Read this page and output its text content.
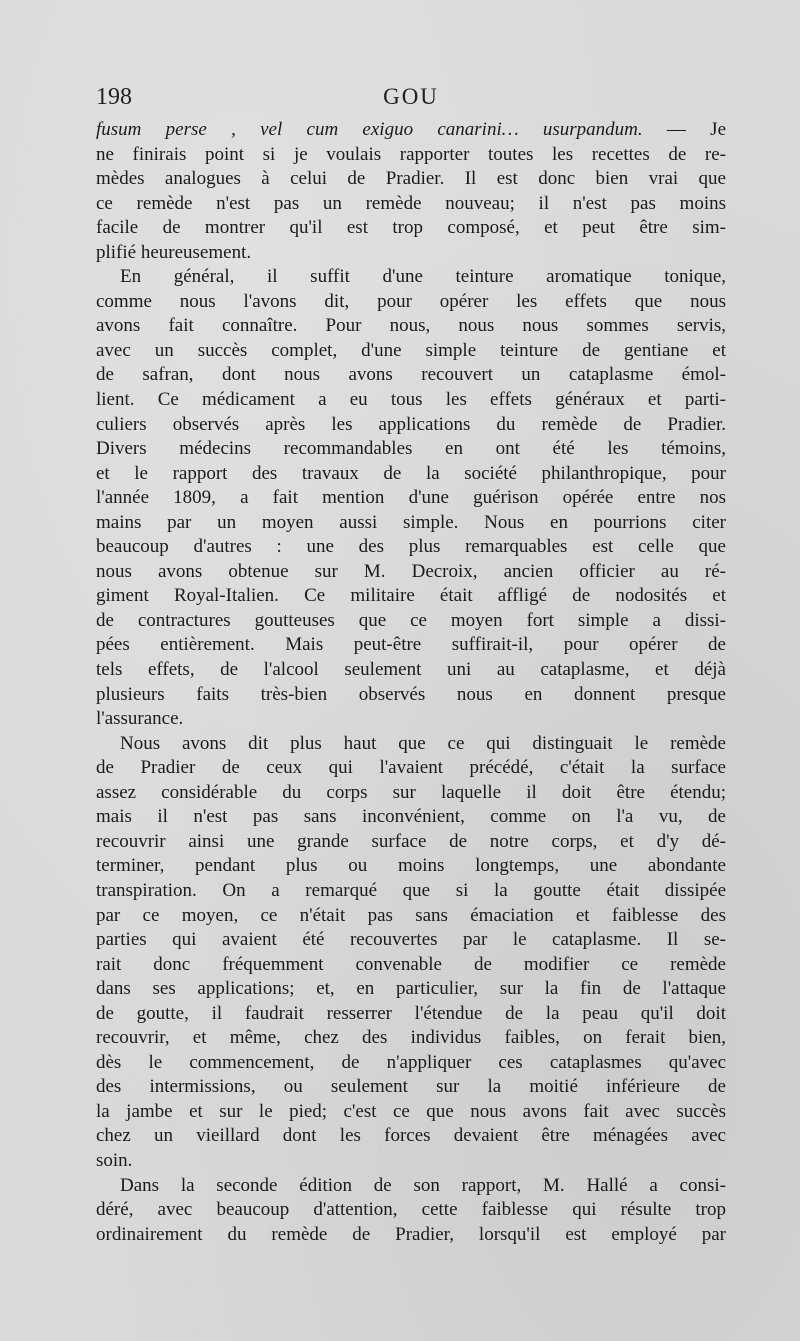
198	GOU
fusum perse , vel cum exiguo canarini… usurpandum. — Je
ne finirais point si je voulais rapporter toutes les recettes de re-
mèdes analogues à celui de Pradier. Il est donc bien vrai que
ce remède n'est pas un remède nouveau; il n'est pas moins
facile de montrer qu'il est trop composé, et peut être sim-
plifié heureusement.
En général, il suffit d'une teinture aromatique tonique,
comme nous l'avons dit, pour opérer les effets que nous
avons fait connaître. Pour nous, nous nous sommes servis,
avec un succès complet, d'une simple teinture de gentiane et
de safran, dont nous avons recouvert un cataplasme émol-
lient. Ce médicament a eu tous les effets généraux et parti-
culiers observés après les applications du remède de Pradier.
Divers médecins recommandables en ont été les témoins,
et le rapport des travaux de la société philanthropique, pour
l'année 1809, a fait mention d'une guérison opérée entre nos
mains par un moyen aussi simple. Nous en pourrions citer
beaucoup d'autres : une des plus remarquables est celle que
nous avons obtenue sur M. Decroix, ancien officier au ré-
giment Royal-Italien. Ce militaire était affligé de nodosités et
de contractures goutteuses que ce moyen fort simple a dissi-
pées entièrement. Mais peut-être suffirait-il, pour opérer de
tels effets, de l'alcool seulement uni au cataplasme, et déjà
plusieurs faits très-bien observés nous en donnent presque
l'assurance.
Nous avons dit plus haut que ce qui distinguait le remède
de Pradier de ceux qui l'avaient précédé, c'était la surface
assez considérable du corps sur laquelle il doit être étendu;
mais il n'est pas sans inconvénient, comme on l'a vu, de
recouvrir ainsi une grande surface de notre corps, et d'y dé-
terminer, pendant plus ou moins longtemps, une abondante
transpiration. On a remarqué que si la goutte était dissipée
par ce moyen, ce n'était pas sans émaciation et faiblesse des
parties qui avaient été recouvertes par le cataplasme. Il se-
rait donc fréquemment convenable de modifier ce remède
dans ses applications; et, en particulier, sur la fin de l'attaque
de goutte, il faudrait resserrer l'étendue de la peau qu'il doit
recouvrir, et même, chez des individus faibles, on ferait bien,
dès le commencement, de n'appliquer ces cataplasmes qu'avec
des intermissions, ou seulement sur la moitié inférieure de
la jambe et sur le pied; c'est ce que nous avons fait avec succès
chez un vieillard dont les forces devaient être ménagées avec
soin.
Dans la seconde édition de son rapport, M. Hallé a consi-
déré, avec beaucoup d'attention, cette faiblesse qui résulte trop
ordinairement du remède de Pradier, lorsqu'il est employé par
